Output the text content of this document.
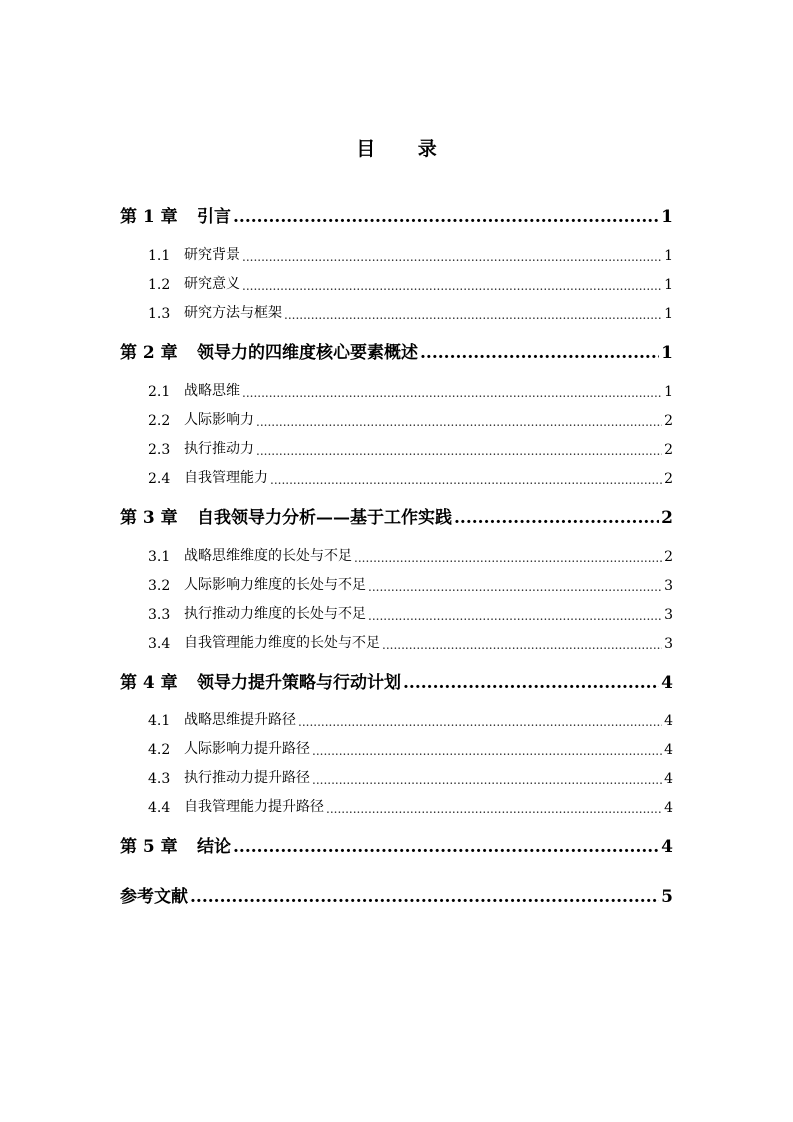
目 录
第 1 章	引言 .....	1
1.1 研究背景 .....	1
1.2 研究意义 .....	1
1.3 研究方法与框架 .....	1
第 2 章	领导力的四维度核心要素概述 .....	1
2.1 战略思维 .....	1
2.2 人际影响力 .....	2
2.3 执行推动力 .....	2
2.4 自我管理能力 .....	2
第 3 章	自我领导力分析——基于工作实践 .....	2
3.1 战略思维维度的长处与不足 .....	2
3.2 人际影响力维度的长处与不足 .....	3
3.3 执行推动力维度的长处与不足 .....	3
3.4 自我管理能力维度的长处与不足 .....	3
第 4 章	领导力提升策略与行动计划 .....	4
4.1 战略思维提升路径 .....	4
4.2 人际影响力提升路径 .....	4
4.3 执行推动力提升路径 .....	4
4.4 自我管理能力提升路径 .....	4
第 5 章	结论 .....	4
参考文献 .....	5
